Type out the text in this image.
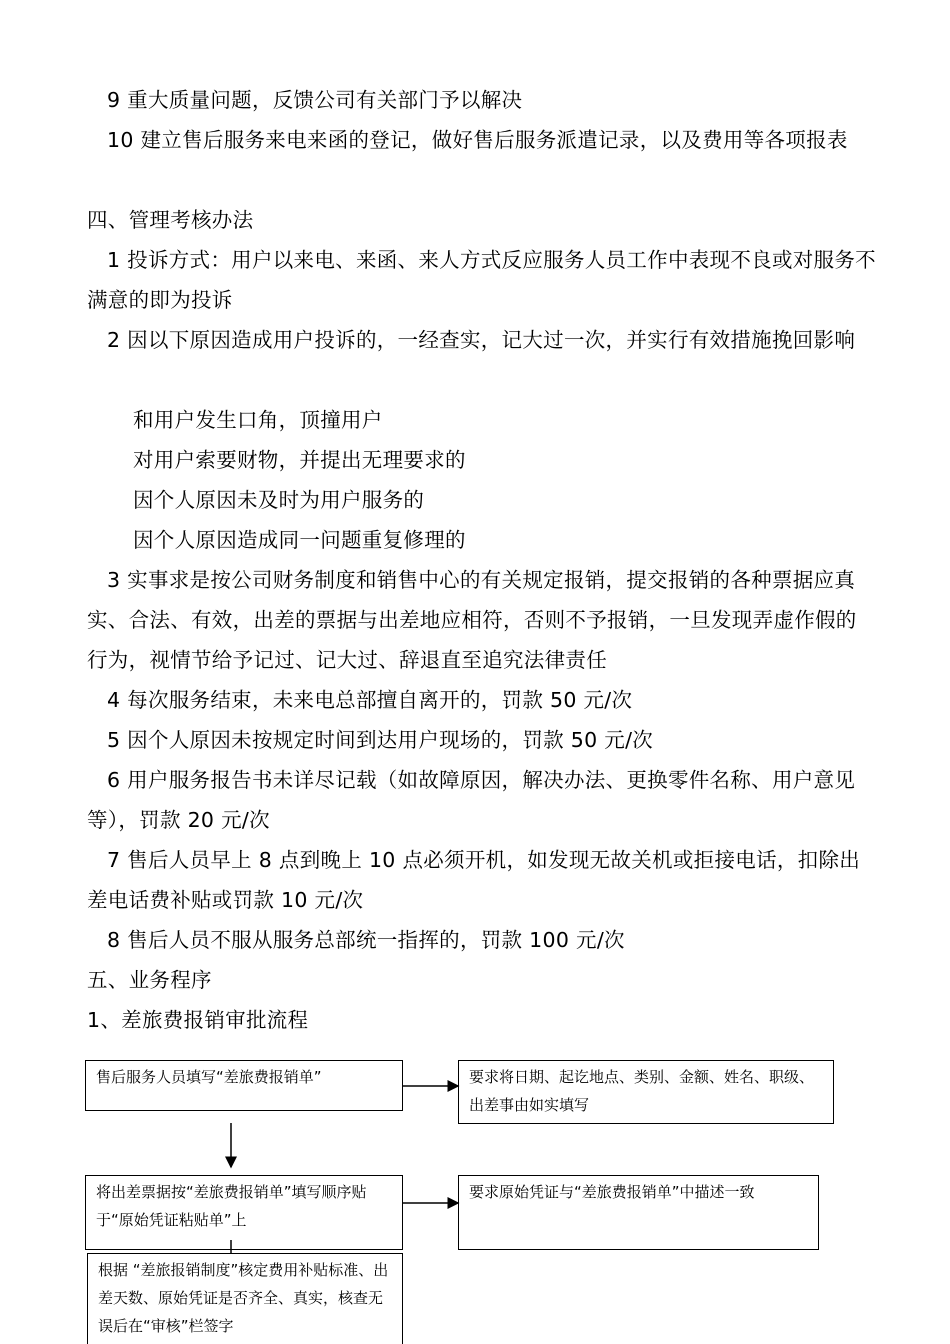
9 重大质量问题，反馈公司有关部门予以解决

10 建立售后服务来电来函的登记，做好售后服务派遣记录，以及费用等各项报表

四、管理考核办法

1 投诉方式：用户以来电、来函、来人方式反应服务人员工作中表现不良或对服务不满意的即为投诉

2 因以下原因造成用户投诉的，一经查实，记大过一次，并实行有效措施挽回影响

和用户发生口角，顶撞用户

对用户索要财物，并提出无理要求的

因个人原因未及时为用户服务的

因个人原因造成同一问题重复修理的

3 实事求是按公司财务制度和销售中心的有关规定报销，提交报销的各种票据应真实、合法、有效，出差的票据与出差地应相符，否则不予报销，一旦发现弄虚作假的行为，视情节给予记过、记大过、辞退直至追究法律责任

4 每次服务结束，未来电总部擅自离开的，罚款 50 元/次

5 因个人原因未按规定时间到达用户现场的，罚款 50 元/次

6 用户服务报告书未详尽记载（如故障原因，解决办法、更换零件名称、用户意见等），罚款 20 元/次

7 售后人员早上 8 点到晚上 10 点必须开机，如发现无故关机或拒接电话，扣除出差电话费补贴或罚款 10 元/次

8 售后人员不服从服务总部统一指挥的，罚款 100 元/次

五、业务程序

1、差旅费报销审批流程

售后服务人员填写“差旅费报销单”	要求将日期、起讫地点、类别、金额、姓名、职级、出差事由如实填写
将出差票据按“差旅费报销单”填写顺序贴于“原始凭证粘贴单”上
要求原始凭证与“差旅费报销单”中描述一致
根据 “差旅报销制度”核定费用补贴标准、出差天数、原始凭证是否齐全、真实，核查无误后在“审核”栏签字
